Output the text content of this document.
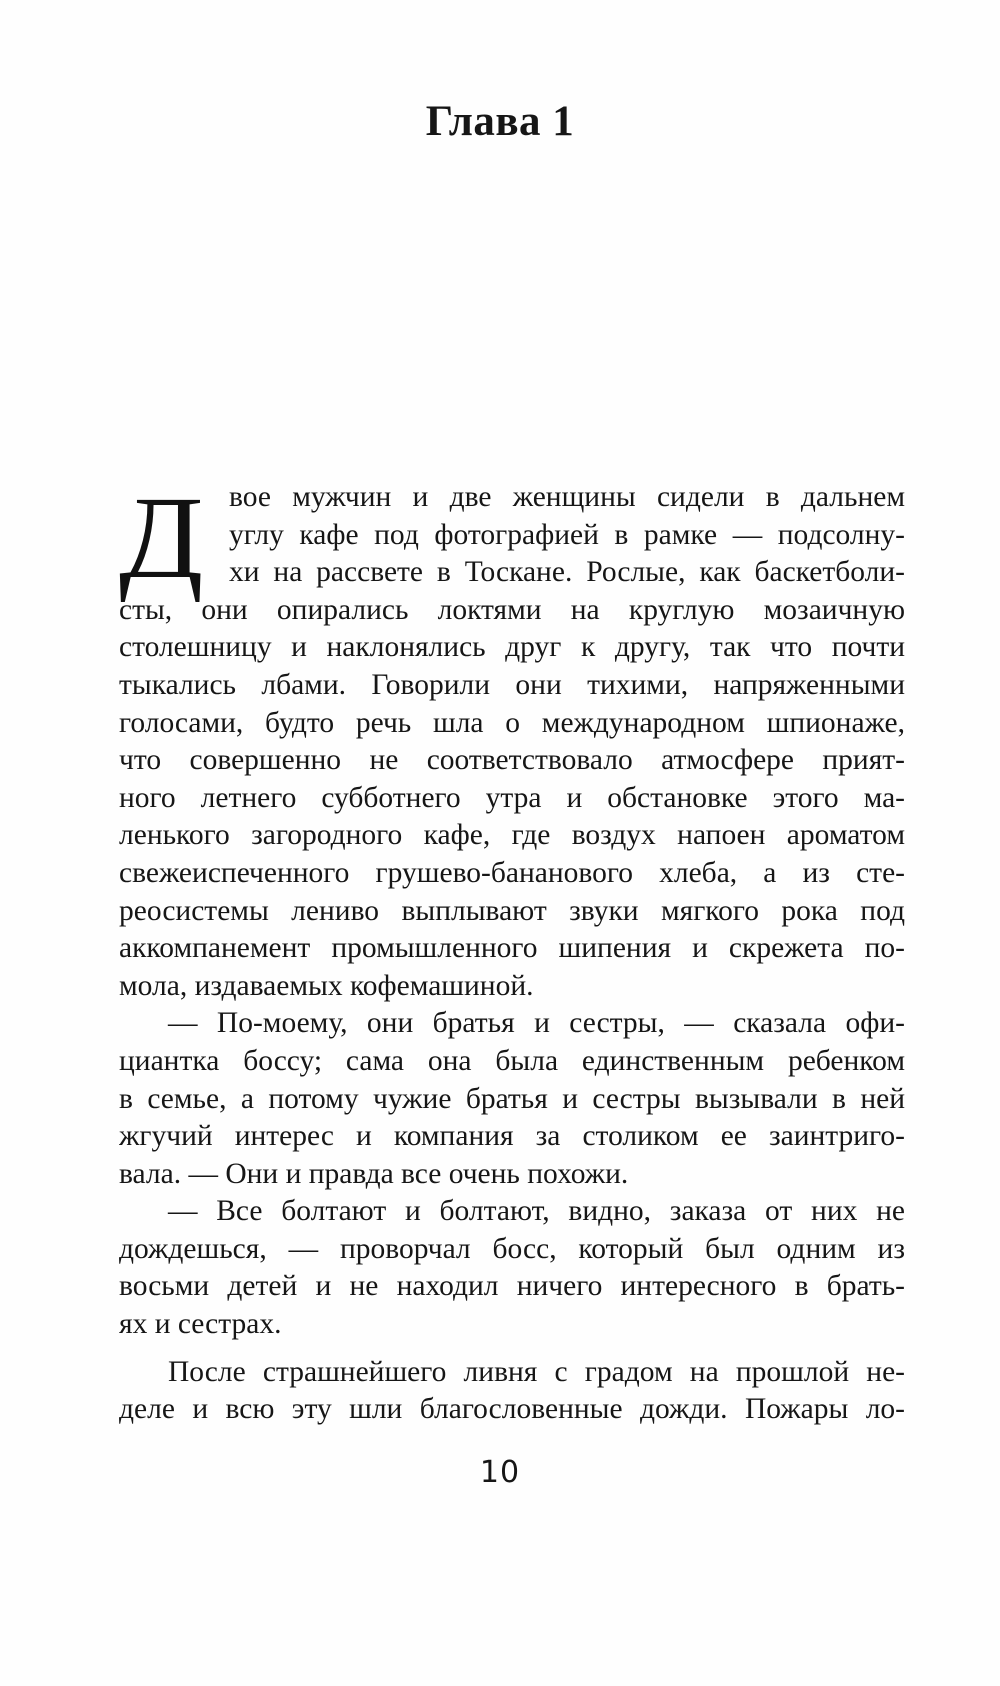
Глава 1
Д вое мужчин и две женщины сидели в дальнем
углу кафе под фотографией в рамке — подсолну-
хи на рассвете в Тоскане. Рослые, как баскетболи-
сты, они опирались локтями на круглую мозаичную
столешницу и наклонялись друг к другу, так что почти
тыкались лбами. Говорили они тихими, напряженными
голосами, будто речь шла о международном шпионаже,
что совершенно не соответствовало атмосфере прият-
ного летнего субботнего утра и обстановке этого ма-
ленького загородного кафе, где воздух напоен ароматом
свежеиспеченного грушево-бананового хлеба, а из сте-
реосистемы лениво выплывают звуки мягкого рока под
аккомпанемент промышленного шипения и скрежета по-
мола, издаваемых кофемашиной.
— По-моему, они братья и сестры, — сказала офи-
циантка боссу; сама она была единственным ребенком
в семье, а потому чужие братья и сестры вызывали в ней
жгучий интерес и компания за столиком ее заинтриго-
вала. — Они и правда все очень похожи.
— Все болтают и болтают, видно, заказа от них не
дождешься, — проворчал босс, который был одним из
восьми детей и не находил ничего интересного в брать-
ях и сестрах.
После страшнейшего ливня с градом на прошлой не-
деле и всю эту шли благословенные дожди. Пожары ло-
10
